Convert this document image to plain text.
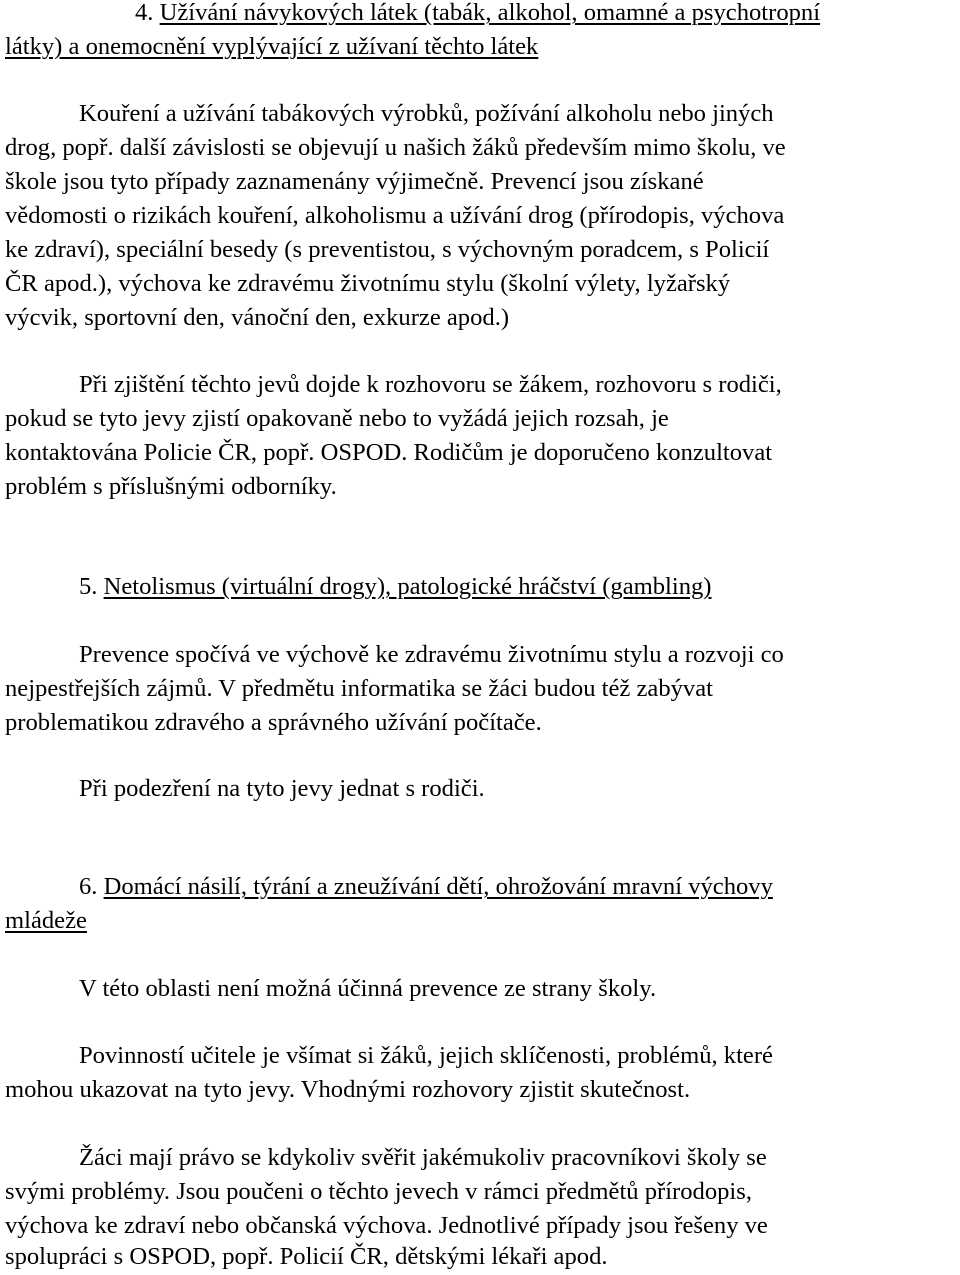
4. Užívání návykových látek (tabák, alkohol, omamné a psychotropní
látky) a onemocnění vyplývající z užívaní těchto látek
Kouření a užívání tabákových výrobků, požívání alkoholu nebo jiných
drog, popř. další závislosti se objevují u našich žáků především mimo školu, ve
škole jsou tyto případy zaznamenány výjimečně. Prevencí jsou získané
vědomosti o rizikách kouření, alkoholismu a užívání drog (přírodopis, výchova
ke zdraví), speciální besedy (s preventistou, s výchovným poradcem, s Policií
ČR apod.), výchova ke zdravému životnímu stylu (školní výlety, lyžařský
výcvik, sportovní den, vánoční den, exkurze apod.)
Při zjištění těchto jevů dojde k rozhovoru se žákem, rozhovoru s rodiči,
pokud se tyto jevy zjistí opakovaně nebo to vyžádá jejich rozsah, je
kontaktována Policie ČR, popř. OSPOD. Rodičům je doporučeno konzultovat
problém s příslušnými odborníky.
5. Netolismus (virtuální drogy), patologické hráčství (gambling)
Prevence spočívá ve výchově ke zdravému životnímu stylu a rozvoji co
nejpestřejších zájmů. V předmětu informatika se žáci budou též zabývat
problematikou zdravého a správného užívání počítače.
Při podezření na tyto jevy jednat s rodiči.
6. Domácí násilí, týrání a zneužívání dětí, ohrožování mravní výchovy
mládeže
V této oblasti není možná účinná prevence ze strany školy.
Povinností učitele je všímat si žáků, jejich sklíčenosti, problémů, které
mohou ukazovat na tyto jevy. Vhodnými rozhovory zjistit skutečnost.
Žáci mají právo se kdykoliv svěřit jakémukoliv pracovníkovi školy se
svými problémy. Jsou poučeni o těchto jevech v rámci předmětů přírodopis,
výchova ke zdraví nebo občanská výchova. Jednotlivé případy jsou řešeny ve
spolupráci s OSPOD, popř. Policií ČR, dětskými lékaři apod.
